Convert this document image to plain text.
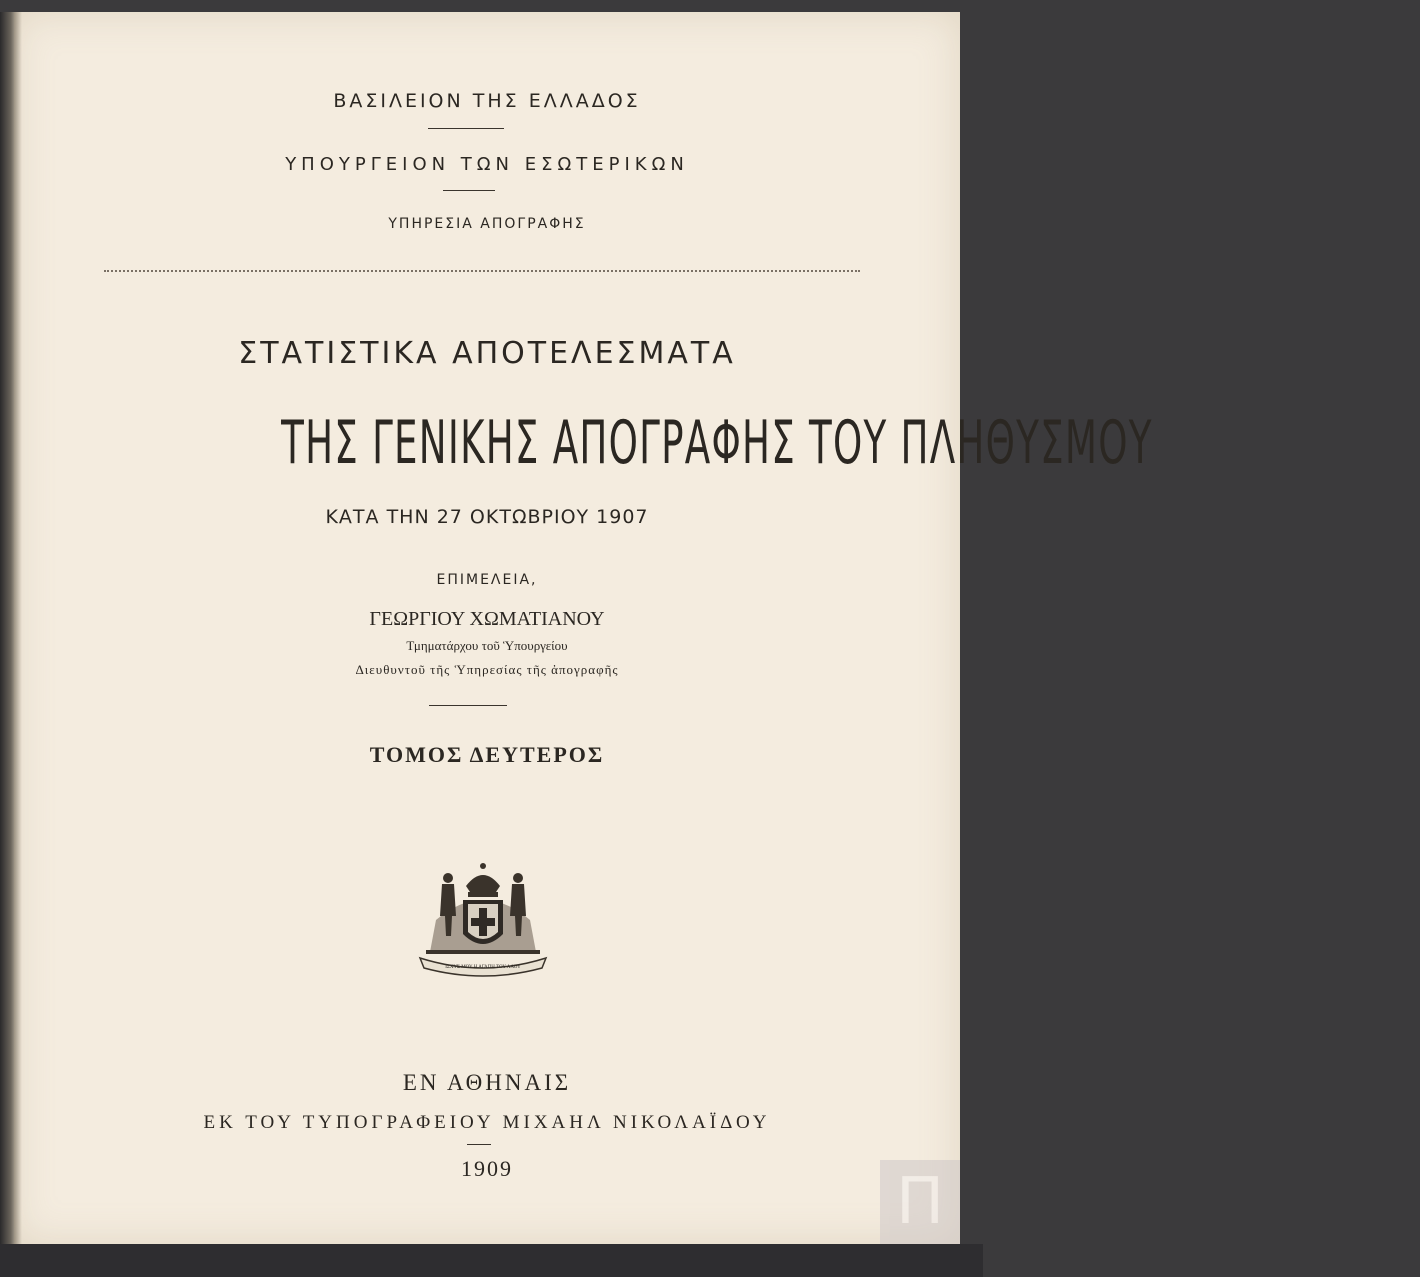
ΒΑΣΙΛΕΙΟΝ ΤΗΣ ΕΛΛΑΔΟΣ
ΥΠΟΥΡΓΕΙΟΝ ΤΩΝ ΕΣΩΤΕΡΙΚΩΝ
ΥΠΗΡΕΣΙΑ ΑΠΟΓΡΑΦΗΣ
ΣΤΑΤΙΣΤΙΚΑ ΑΠΟΤΕΛΕΣΜΑΤΑ
ΤΗΣ ΓΕΝΙΚΗΣ ΑΠΟΓΡΑΦΗΣ ΤΟΥ ΠΛΗΘΥΣΜΟΥ
ΚΑΤΑ ΤΗΝ 27 ΟΚΤΩΒΡΙΟΥ 1907
ΕΠΙΜΕΛΕΙΑ,
ΓΕΩΡΓΙΟΥ ΧΩΜΑΤΙΑΝΟΥ
Τμηματάρχου τοῦ Ὑπουργείου
Διευθυντοῦ τῆς Ὑπηρεσίας τῆς ἀπογραφῆς
ΤΟΜΟΣ ΔΕΥΤΕΡΟΣ
ΙΣΧΥΣ ΜΟΥ Η ΑΓΑΠΗ ΤΟΥ ΛΑΟΥ
ΕΝ ΑΘΗΝΑΙΣ
ΕΚ ΤΟΥ ΤΥΠΟΓΡΑΦΕΙΟΥ ΜΙΧΑΗΛ ΝΙΚΟΛΑΪΔΟΥ
1909	Π
